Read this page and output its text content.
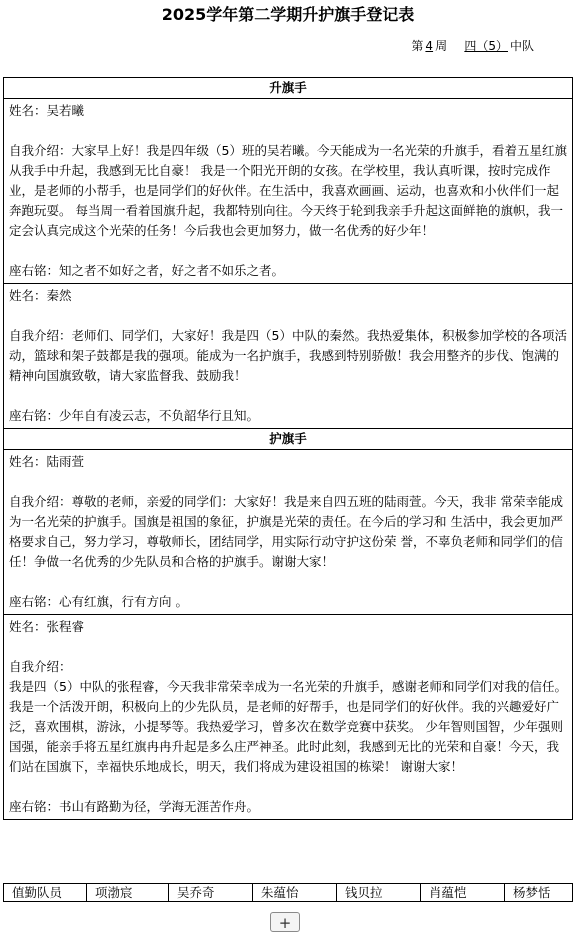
2025学年第二学期升护旗手登记表
第 4 周 四（5） 中队
升旗手

姓名：吴若曦

自我介绍：大家早上好！我是四年级（5）班的吴若曦。今天能成为一名光荣的升旗手，看着五星红旗从我手中升起，我感到无比自豪！ 我是一个阳光开朗的女孩。在学校里，我认真听课，按时完成作业，是老师的小帮手，也是同学们的好伙伴。在生活中，我喜欢画画、运动，也喜欢和小伙伴们一起奔跑玩耍。 每当周一看着国旗升起，我都特别向往。今天终于轮到我亲手升起这面鲜艳的旗帜，我一定会认真完成这个光荣的任务！今后我也会更加努力，做一名优秀的好少年！

座右铭：知之者不如好之者，好之者不如乐之者。

姓名：秦然

自我介绍：老师们、同学们，大家好！我是四（5）中队的秦然。我热爱集体，积极参加学校的各项活动，篮球和架子鼓都是我的强项。能成为一名护旗手，我感到特别骄傲！我会用整齐的步伐、饱满的精神向国旗致敬，请大家监督我、鼓励我！

座右铭：少年自有凌云志，不负韶华行且知。

护旗手

姓名：陆雨萱

自我介绍：尊敬的老师，亲爱的同学们：大家好！我是来自四五班的陆雨萱。今天，我非 常荣幸能成为一名光荣的护旗手。国旗是祖国的象征，护旗是光荣的责任。在今后的学习和 生活中，我会更加严格要求自己，努力学习，尊敬师长，团结同学，用实际行动守护这份荣 誉，不辜负老师和同学们的信任！争做一名优秀的少先队员和合格的护旗手。谢谢大家！

座右铭：心有红旗，行有方向 。

姓名：张程睿

自我介绍：

我是四（5）中队的张程睿，今天我非常荣幸成为一名光荣的升旗手，感谢老师和同学们对我的信任。我是一个活泼开朗，积极向上的少先队员，是老师的好帮手，也是同学们的好伙伴。我的兴趣爱好广泛，喜欢围棋，游泳，小提琴等。我热爱学习，曾多次在数学竞赛中获奖。 少年智则国智，少年强则国强，能亲手将五星红旗冉冉升起是多么庄严神圣。此时此刻，我感到无比的光荣和自豪！今天，我们站在国旗下，幸福快乐地成长，明天，我们将成为建设祖国的栋梁！ 谢谢大家！

座右铭：书山有路勤为径，学海无涯苦作舟。

值勤队员	项渤宸	吴乔奇	朱蕴怡	钱贝拉	肖蕴恺	杨梦恬
+
